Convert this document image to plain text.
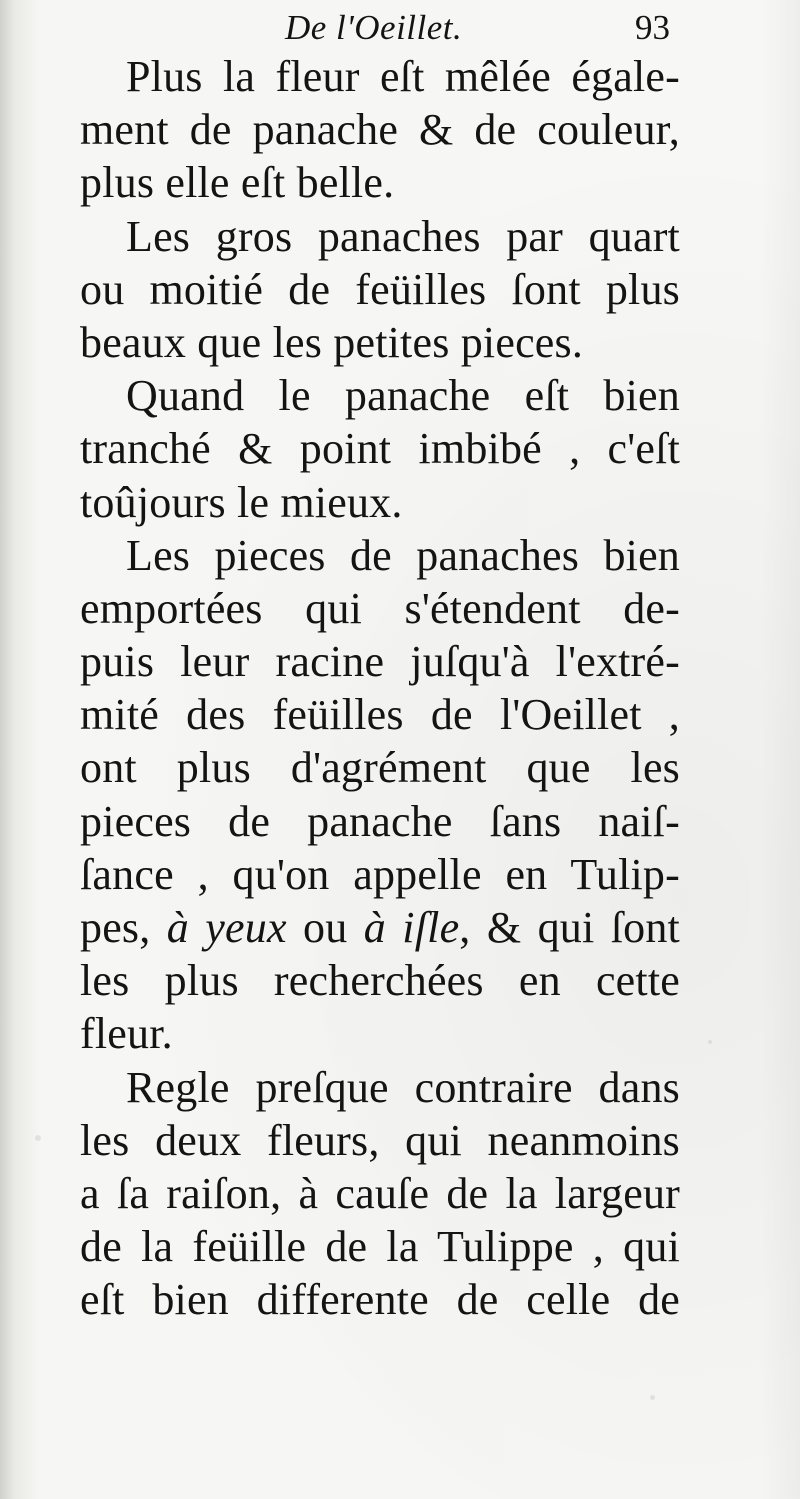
De l'Oeillet.	93
Plus la fleur eſt mêlée égale-
ment de panache & de couleur,
plus elle eſt belle.
Les gros panaches par quart
ou moitié de feüilles ſont plus
beaux que les petites pieces.
Quand le panache eſt bien
tranché & point imbibé , c'eſt
toûjours le mieux.
Les pieces de panaches bien
emportées qui s'étendent de-
puis leur racine juſqu'à l'extré-
mité des feüilles de l'Oeillet ,
ont plus d'agrément que les
pieces de panache ſans naiſ-
ſance , qu'on appelle en Tulip-
pes, à yeux ou à iſle, & qui ſont
les plus recherchées en cette
fleur.
Regle preſque contraire dans
les deux fleurs, qui neanmoins
a ſa raiſon, à cauſe de la largeur
de la feüille de la Tulippe , qui
eſt bien differente de celle de
